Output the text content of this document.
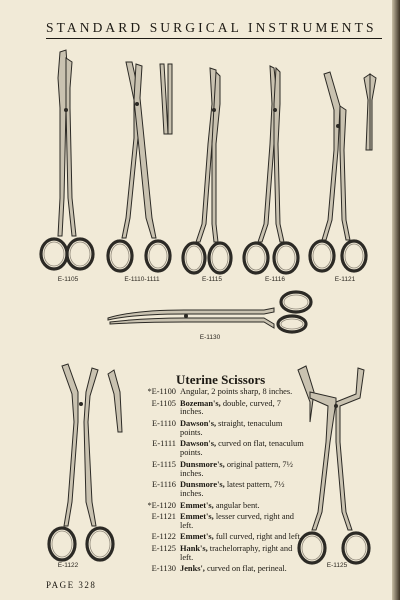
STANDARD SURGICAL INSTRUMENTS
E-1105	E-1110-1111	E-1115	E-1116	E-1121
E-1130
E-1122	E-1125
Uterine Scissors
*E-1100 Angular, 2 points sharp, 8 inches.
E-1105 Bozeman's, double, curved, 7 inches.
E-1110 Dawson's, straight, tenaculum points.
E-1111 Dawson's, curved on flat, tenaculum points.
E-1115 Dunsmore's, original pattern, 7½ inches.
E-1116 Dunsmore's, latest pattern, 7½ inches.
*E-1120 Emmet's, angular bent.
E-1121 Emmet's, lesser curved, right and left.
E-1122 Emmet's, full curved, right and left.
E-1125 Hank's, trachelorraphy, right and left.
E-1130 Jenks', curved on flat, perineal.
PAGE 328
